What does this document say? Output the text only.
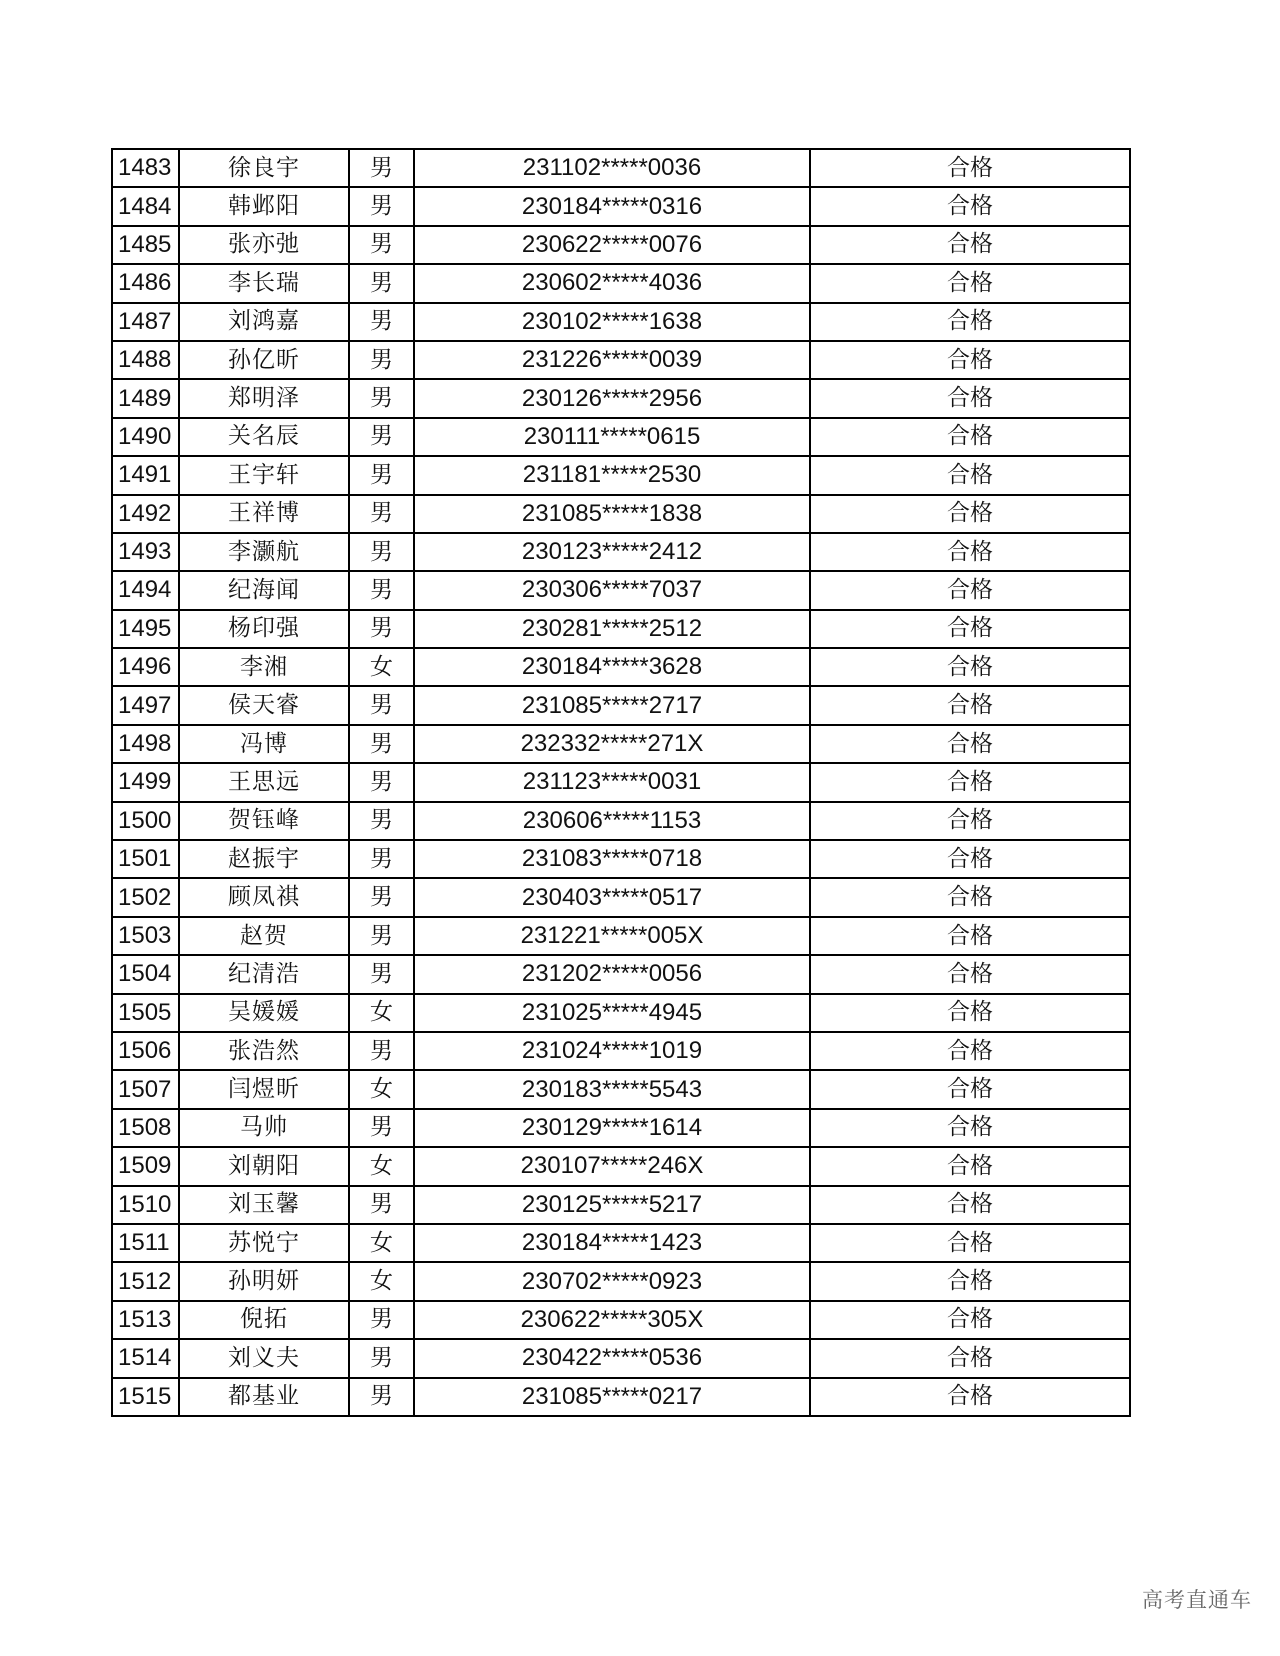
1483	徐良宇	男	231102*****0036	合格
1484	韩邺阳	男	230184*****0316	合格
1485	张亦弛	男	230622*****0076	合格
1486	李长瑞	男	230602*****4036	合格
1487	刘鸿嘉	男	230102*****1638	合格
1488	孙亿昕	男	231226*****0039	合格
1489	郑明泽	男	230126*****2956	合格
1490	关名辰	男	230111*****0615	合格
1491	王宇轩	男	231181*****2530	合格
1492	王祥博	男	231085*****1838	合格
1493	李灏航	男	230123*****2412	合格
1494	纪海闻	男	230306*****7037	合格
1495	杨印强	男	230281*****2512	合格
1496	李湘	女	230184*****3628	合格
1497	侯天睿	男	231085*****2717	合格
1498	冯博	男	232332*****271X	合格
1499	王思远	男	231123*****0031	合格
1500	贺钰峰	男	230606*****1153	合格
1501	赵振宇	男	231083*****0718	合格
1502	顾凤祺	男	230403*****0517	合格
1503	赵贺	男	231221*****005X	合格
1504	纪清浩	男	231202*****0056	合格
1505	吴媛媛	女	231025*****4945	合格
1506	张浩然	男	231024*****1019	合格
1507	闫煜昕	女	230183*****5543	合格
1508	马帅	男	230129*****1614	合格
1509	刘朝阳	女	230107*****246X	合格
1510	刘玉馨	男	230125*****5217	合格
1511	苏悦宁	女	230184*****1423	合格
1512	孙明妍	女	230702*****0923	合格
1513	倪拓	男	230622*****305X	合格
1514	刘义夫	男	230422*****0536	合格
1515	都基业	男	231085*****0217	合格
高考直通车
